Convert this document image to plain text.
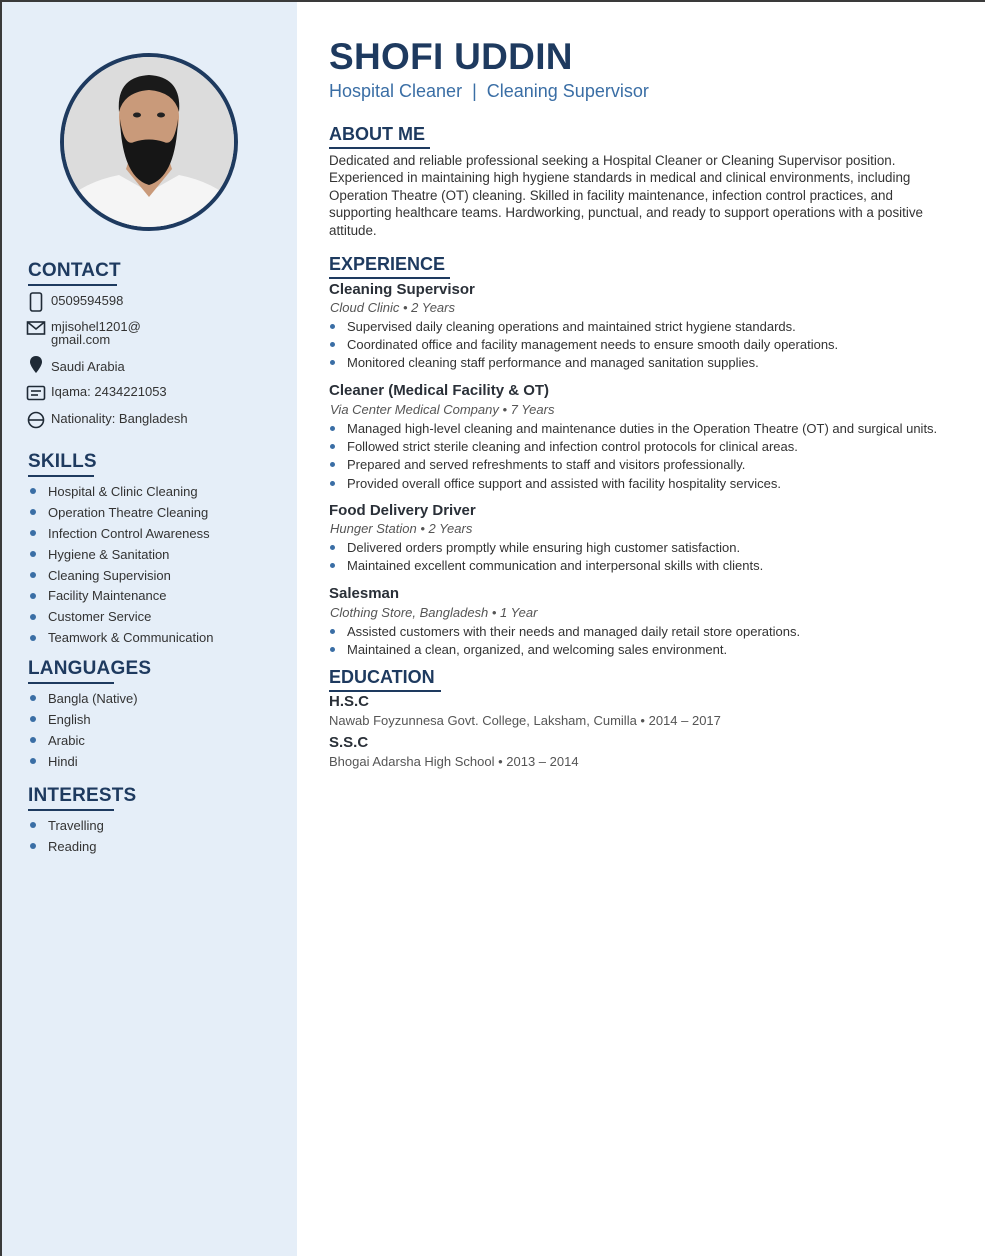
CONTACT
0509594598
mjisohel1201@
gmail.com
Saudi Arabia
Iqama: 2434221053
Nationality: Bangladesh
SKILLS
Hospital & Clinic Cleaning
Operation Theatre Cleaning
Infection Control Awareness
Hygiene & Sanitation
Cleaning Supervision
Facility Maintenance
Customer Service
Teamwork & Communication
LANGUAGES
Bangla (Native)
English
Arabic
Hindi
INTERESTS
Travelling
Reading
SHOFI UDDIN
Hospital Cleaner  |  Cleaning Supervisor
ABOUT ME
Dedicated and reliable professional seeking a Hospital Cleaner or Cleaning Supervisor position. Experienced in maintaining high hygiene standards in medical and clinical environments, including Operation Theatre (OT) cleaning. Skilled in facility maintenance, infection control practices, and supporting healthcare teams. Hardworking, punctual, and ready to support operations with a positive attitude.
EXPERIENCE
Cleaning Supervisor
Cloud Clinic • 2 Years
Supervised daily cleaning operations and maintained strict hygiene standards.
Coordinated office and facility management needs to ensure smooth daily operations.
Monitored cleaning staff performance and managed sanitation supplies.
Cleaner (Medical Facility & OT)
Via Center Medical Company • 7 Years
Managed high-level cleaning and maintenance duties in the Operation Theatre (OT) and surgical units.
Followed strict sterile cleaning and infection control protocols for clinical areas.
Prepared and served refreshments to staff and visitors professionally.
Provided overall office support and assisted with facility hospitality services.
Food Delivery Driver
Hunger Station • 2 Years
Delivered orders promptly while ensuring high customer satisfaction.
Maintained excellent communication and interpersonal skills with clients.
Salesman
Clothing Store, Bangladesh • 1 Year
Assisted customers with their needs and managed daily retail store operations.
Maintained a clean, organized, and welcoming sales environment.
EDUCATION
H.S.C
Nawab Foyzunnesa Govt. College, Laksham, Cumilla • 2014 – 2017
S.S.C
Bhogai Adarsha High School • 2013 – 2014
